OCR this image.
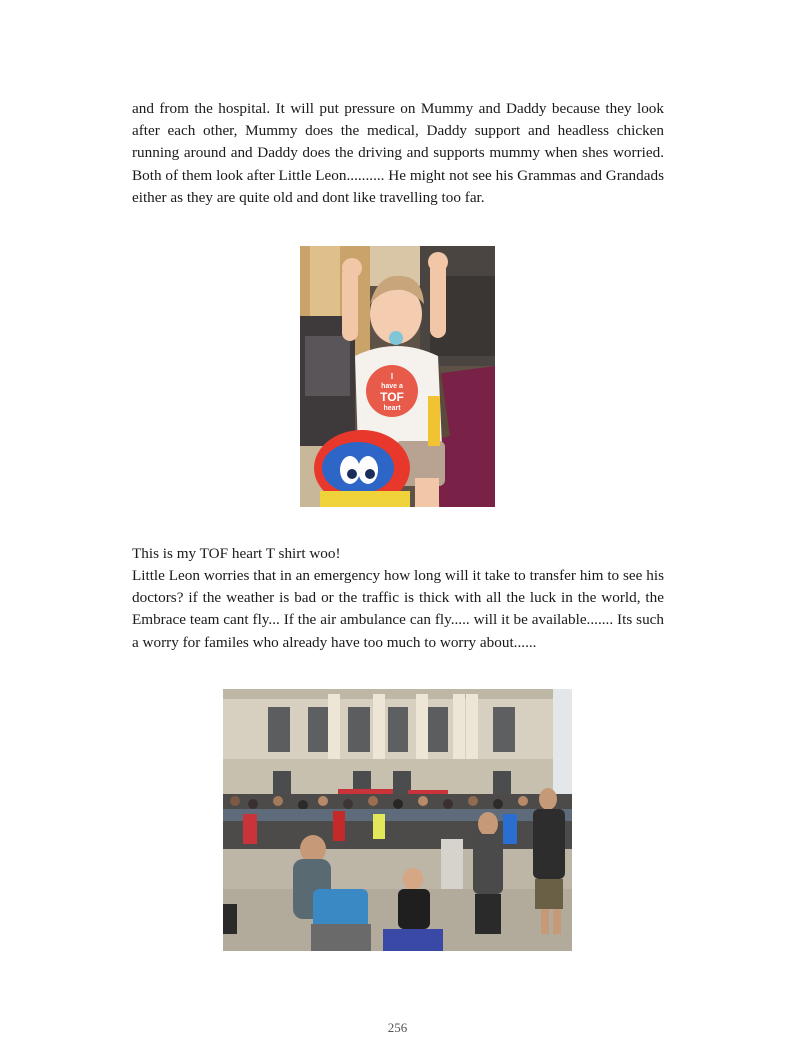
and from the hospital. It will put pressure on Mummy and Daddy because they look after each other, Mummy does the medical, Daddy support and headless chicken running around and Daddy does the driving and supports mummy when shes worried. Both of them look after Little Leon.......... He might not see his Grammas and Grandads either as they are quite old and dont like travelling too far.

I
have a
TOF
heart

This is my TOF heart T shirt woo!

Little Leon worries that in an emergency how long will it take to transfer him to see his doctors? if the weather is bad or the traffic is thick with all the luck in the world, the Embrace team cant fly... If the air ambulance can fly..... will it be available....... Its such a worry for familes who already have too much to worry about......

256
